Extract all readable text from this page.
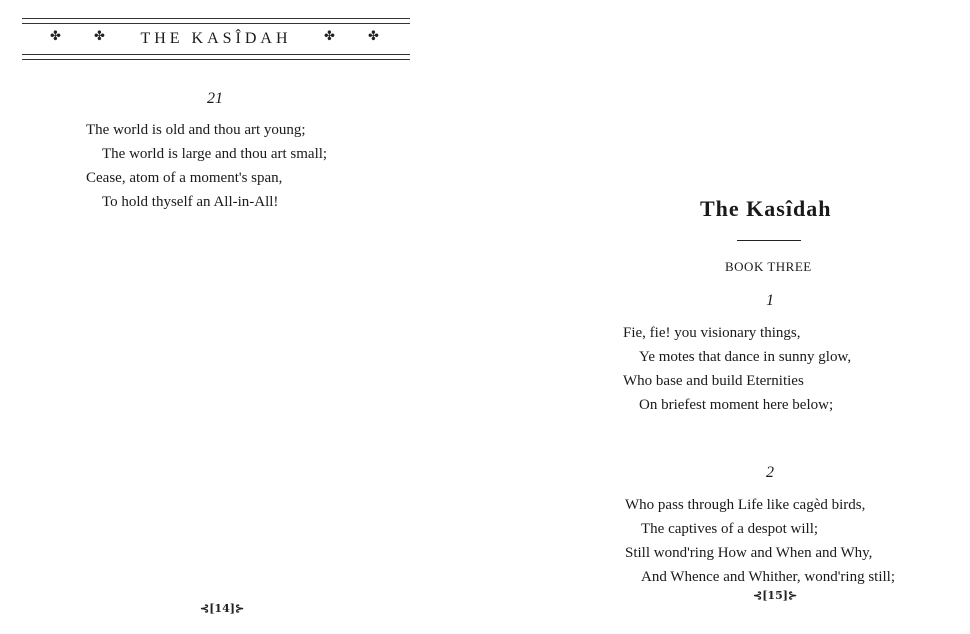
✤	✤ THE KASÎDAH ✤	✤
21
The world is old and thou art young;
The world is large and thou art small;
Cease, atom of a moment's span,
To hold thyself an All-in-All!
⊰[14]⊱
The Kasîdah
BOOK THREE
1
Fie, fie! you visionary things,
Ye motes that dance in sunny glow,
Who base and build Eternities
On briefest moment here below;
2
Who pass through Life like cagèd birds,
The captives of a despot will;
Still wond'ring How and When and Why,
And Whence and Whither, wond'ring still;
⊰[15]⊱
